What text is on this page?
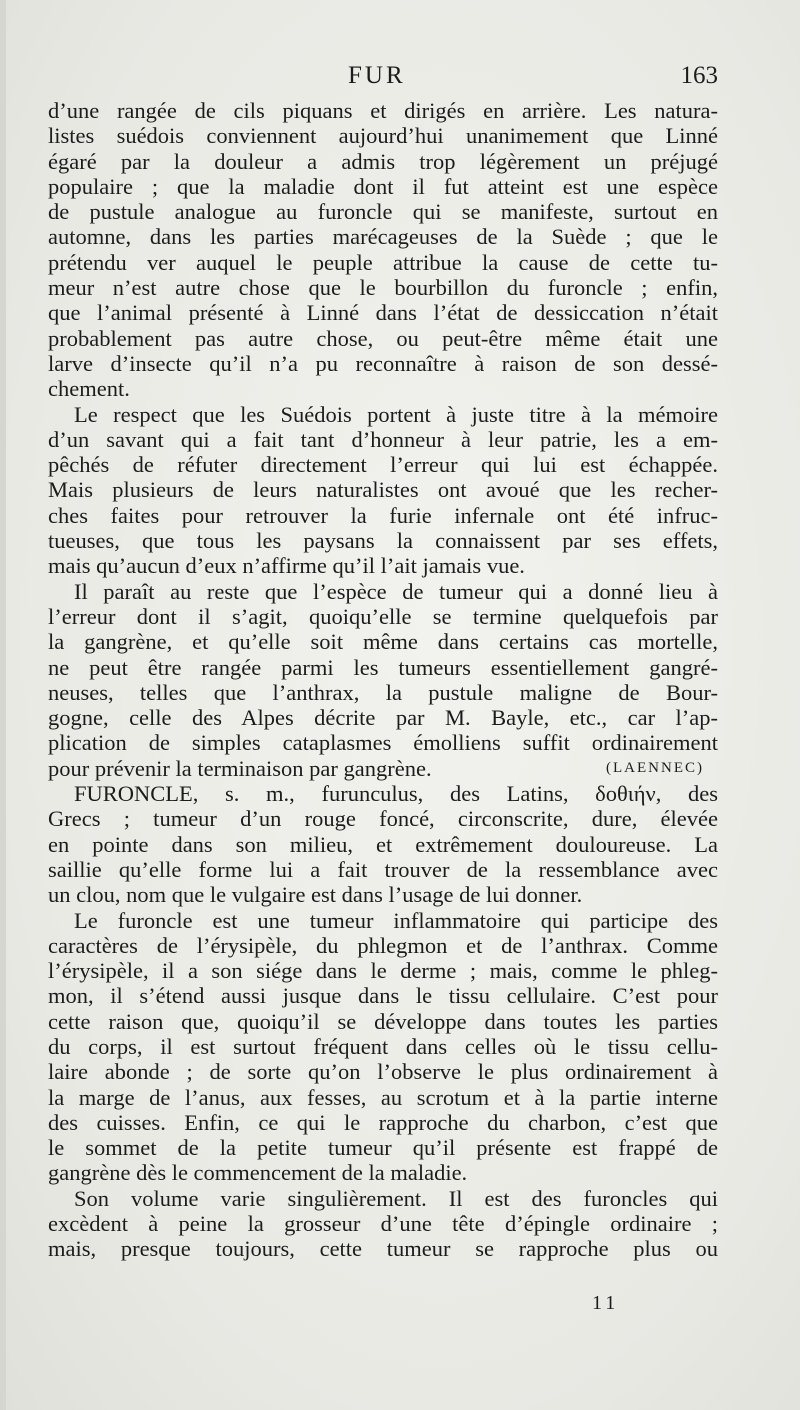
FUR	163
d’une rangée de cils piquans et dirigés en arrière. Les natura-
listes suédois conviennent aujourd’hui unanimement que Linné
égaré par la douleur a admis trop légèrement un préjugé
populaire ; que la maladie dont il fut atteint est une espèce
de pustule analogue au furoncle qui se manifeste, surtout en
automne, dans les parties marécageuses de la Suède ; que le
prétendu ver auquel le peuple attribue la cause de cette tu-
meur n’est autre chose que le bourbillon du furoncle ; enfin,
que l’animal présenté à Linné dans l’état de dessiccation n’était
probablement pas autre chose, ou peut-être même était une
larve d’insecte qu’il n’a pu reconnaître à raison de son dessé-
chement.
Le respect que les Suédois portent à juste titre à la mémoire
d’un savant qui a fait tant d’honneur à leur patrie, les a em-
pêchés de réfuter directement l’erreur qui lui est échappée.
Mais plusieurs de leurs naturalistes ont avoué que les recher-
ches faites pour retrouver la furie infernale ont été infruc-
tueuses, que tous les paysans la connaissent par ses effets,
mais qu’aucun d’eux n’affirme qu’il l’ait jamais vue.
Il paraît au reste que l’espèce de tumeur qui a donné lieu à
l’erreur dont il s’agit, quoiqu’elle se termine quelquefois par
la gangrène, et qu’elle soit même dans certains cas mortelle,
ne peut être rangée parmi les tumeurs essentiellement gangré-
neuses, telles que l’anthrax, la pustule maligne de Bour-
gogne, celle des Alpes décrite par M. Bayle, etc., car l’ap-
plication de simples cataplasmes émolliens suffit ordinairement
pour prévenir la terminaison par gangrène.	(LAENNEC)
FURONCLE, s. m., furunculus, des Latins, δοθιήν, des
Grecs ; tumeur d’un rouge foncé, circonscrite, dure, élevée
en pointe dans son milieu, et extrêmement douloureuse. La
saillie qu’elle forme lui a fait trouver de la ressemblance avec
un clou, nom que le vulgaire est dans l’usage de lui donner.
Le furoncle est une tumeur inflammatoire qui participe des
caractères de l’érysipèle, du phlegmon et de l’anthrax. Comme
l’érysipèle, il a son siége dans le derme ; mais, comme le phleg-
mon, il s’étend aussi jusque dans le tissu cellulaire. C’est pour
cette raison que, quoiqu’il se développe dans toutes les parties
du corps, il est surtout fréquent dans celles où le tissu cellu-
laire abonde ; de sorte qu’on l’observe le plus ordinairement à
la marge de l’anus, aux fesses, au scrotum et à la partie interne
des cuisses. Enfin, ce qui le rapproche du charbon, c’est que
le sommet de la petite tumeur qu’il présente est frappé de
gangrène dès le commencement de la maladie.
Son volume varie singulièrement. Il est des furoncles qui
excèdent à peine la grosseur d’une tête d’épingle ordinaire ;
mais, presque toujours, cette tumeur se rapproche plus ou
11
